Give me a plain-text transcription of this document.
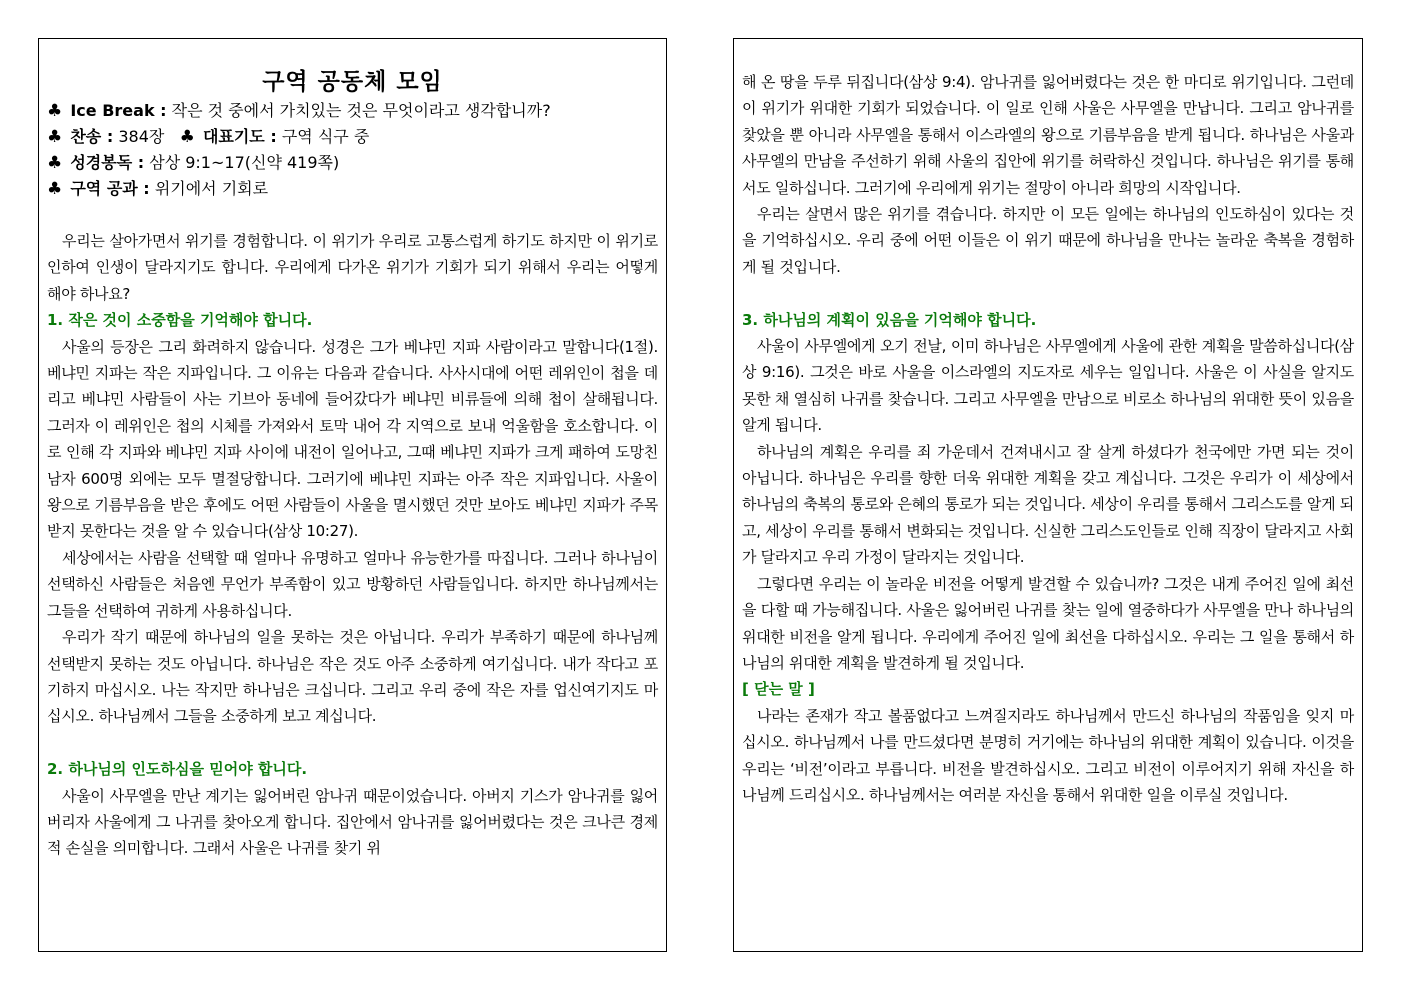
구역 공동체 모임
♣ Ice Break : 작은 것 중에서 가치있는 것은 무엇이라고 생각합니까?
♣ 찬송 : 384장 ♣ 대표기도 : 구역 식구 중
♣ 성경봉독 : 삼상 9:1~17(신약 419쪽)
♣ 구역 공과 : 위기에서 기회로

우리는 살아가면서 위기를 경험합니다. 이 위기가 우리로 고통스럽게 하기도 하지만 이 위기로 인하여 인생이 달라지기도 합니다. 우리에게 다가온 위기가 기회가 되기 위해서 우리는 어떻게 해야 하나요?

1. 작은 것이 소중함을 기억해야 합니다.

사울의 등장은 그리 화려하지 않습니다. 성경은 그가 베냐민 지파 사람이라고 말합니다(1절). 베냐민 지파는 작은 지파입니다. 그 이유는 다음과 같습니다. 사사시대에 어떤 레위인이 첩을 데리고 베냐민 사람들이 사는 기브아 동네에 들어갔다가 베냐민 비류들에 의해 첩이 살해됩니다. 그러자 이 레위인은 첩의 시체를 가져와서 토막 내어 각 지역으로 보내 억울함을 호소합니다. 이로 인해 각 지파와 베냐민 지파 사이에 내전이 일어나고, 그때 베냐민 지파가 크게 패하여 도망친 남자 600명 외에는 모두 멸절당합니다. 그러기에 베냐민 지파는 아주 작은 지파입니다. 사울이 왕으로 기름부음을 받은 후에도 어떤 사람들이 사울을 멸시했던 것만 보아도 베냐민 지파가 주목받지 못한다는 것을 알 수 있습니다(삼상 10:27).

세상에서는 사람을 선택할 때 얼마나 유명하고 얼마나 유능한가를 따집니다. 그러나 하나님이 선택하신 사람들은 처음엔 무언가 부족함이 있고 방황하던 사람들입니다. 하지만 하나님께서는 그들을 선택하여 귀하게 사용하십니다.

우리가 작기 때문에 하나님의 일을 못하는 것은 아닙니다. 우리가 부족하기 때문에 하나님께 선택받지 못하는 것도 아닙니다. 하나님은 작은 것도 아주 소중하게 여기십니다. 내가 작다고 포기하지 마십시오. 나는 작지만 하나님은 크십니다. 그리고 우리 중에 작은 자를 업신여기지도 마십시오. 하나님께서 그들을 소중하게 보고 계십니다.

2. 하나님의 인도하심을 믿어야 합니다.

사울이 사무엘을 만난 계기는 잃어버린 암나귀 때문이었습니다. 아버지 기스가 암나귀를 잃어버리자 사울에게 그 나귀를 찾아오게 합니다. 집안에서 암나귀를 잃어버렸다는 것은 크나큰 경제적 손실을 의미합니다. 그래서 사울은 나귀를 찾기 위

해 온 땅을 두루 뒤집니다(삼상 9:4). 암나귀를 잃어버렸다는 것은 한 마디로 위기입니다. 그런데 이 위기가 위대한 기회가 되었습니다. 이 일로 인해 사울은 사무엘을 만납니다. 그리고 암나귀를 찾았을 뿐 아니라 사무엘을 통해서 이스라엘의 왕으로 기름부음을 받게 됩니다. 하나님은 사울과 사무엘의 만남을 주선하기 위해 사울의 집안에 위기를 허락하신 것입니다. 하나님은 위기를 통해서도 일하십니다. 그러기에 우리에게 위기는 절망이 아니라 희망의 시작입니다.

우리는 살면서 많은 위기를 겪습니다. 하지만 이 모든 일에는 하나님의 인도하심이 있다는 것을 기억하십시오. 우리 중에 어떤 이들은 이 위기 때문에 하나님을 만나는 놀라운 축복을 경험하게 될 것입니다.

3. 하나님의 계획이 있음을 기억해야 합니다.

사울이 사무엘에게 오기 전날, 이미 하나님은 사무엘에게 사울에 관한 계획을 말씀하십니다(삼상 9:16). 그것은 바로 사울을 이스라엘의 지도자로 세우는 일입니다. 사울은 이 사실을 알지도 못한 채 열심히 나귀를 찾습니다. 그리고 사무엘을 만남으로 비로소 하나님의 위대한 뜻이 있음을 알게 됩니다.

하나님의 계획은 우리를 죄 가운데서 건져내시고 잘 살게 하셨다가 천국에만 가면 되는 것이 아닙니다. 하나님은 우리를 향한 더욱 위대한 계획을 갖고 계십니다. 그것은 우리가 이 세상에서 하나님의 축복의 통로와 은혜의 통로가 되는 것입니다. 세상이 우리를 통해서 그리스도를 알게 되고, 세상이 우리를 통해서 변화되는 것입니다. 신실한 그리스도인들로 인해 직장이 달라지고 사회가 달라지고 우리 가정이 달라지는 것입니다.

그렇다면 우리는 이 놀라운 비전을 어떻게 발견할 수 있습니까? 그것은 내게 주어진 일에 최선을 다할 때 가능해집니다. 사울은 잃어버린 나귀를 찾는 일에 열중하다가 사무엘을 만나 하나님의 위대한 비전을 알게 됩니다. 우리에게 주어진 일에 최선을 다하십시오. 우리는 그 일을 통해서 하나님의 위대한 계획을 발견하게 될 것입니다.

[ 닫는 말 ]

나라는 존재가 작고 볼품없다고 느껴질지라도 하나님께서 만드신 하나님의 작품임을 잊지 마십시오. 하나님께서 나를 만드셨다면 분명히 거기에는 하나님의 위대한 계획이 있습니다. 이것을 우리는 ‘비전’이라고 부릅니다. 비전을 발견하십시오. 그리고 비전이 이루어지기 위해 자신을 하나님께 드리십시오. 하나님께서는 여러분 자신을 통해서 위대한 일을 이루실 것입니다.
